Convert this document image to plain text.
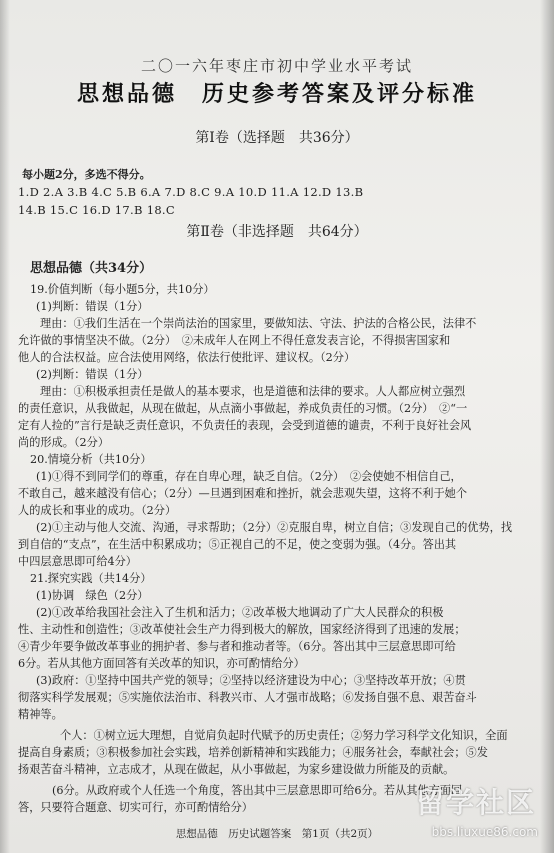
二〇一六年枣庄市初中学业水平考试
思想品德　历史参考答案及评分标准
第Ⅰ卷（选择题　共36分）
每小题2分，多选不得分。
1.D 2.A 3.B 4.C 5.B 6.A 7.D 8.C 9.A 10.D 11.A 12.D 13.B
14.B 15.C 16.D 17.B 18.C
第Ⅱ卷（非选择题　共64分）
思想品德（共34分）
19.价值判断（每小题5分，共10分）
(1)判断：错误（1分）
理由：①我们生活在一个崇尚法治的国家里，要做知法、守法、护法的合格公民，法律不
允许做的事情坚决不做。（2分）　②未成年人在网上不得任意发表言论，不得损害国家和
他人的合法权益。应合法使用网络，依法行使批评、建议权。（2分）
(2)判断：错误（1分）
理由：①积极承担责任是做人的基本要求，也是道德和法律的要求。人人都应树立强烈
的责任意识，从我做起，从现在做起，从点滴小事做起，养成负责任的习惯。（2分）　②“一
定有人捡的”言行是缺乏责任意识，不负责任的表现，会受到道德的谴责，不利于良好社会风
尚的形成。（2分）
20.情境分析（共10分）
(1)①得不到同学们的尊重，存在自卑心理，缺乏自信。（2分）　②会使她不相信自己，
不敢自己，越来越没有信心；（2分）—旦遇到困难和挫折，就会悲观失望，这将不利于她个
人的成长和事业的成功。（2分）
(2)①主动与他人交流、沟通，寻求帮助；（2分）②克服自卑，树立自信；③发现自己的优势，找
到自信的“支点”，在生活中积累成功；⑤正视自己的不足，使之变弱为强。（4分。答出其
中四层意思即可给4分）
21.探究实践（共14分）
(1)协调　绿色（2分）
(2)①改革给我国社会注入了生机和活力；②改革极大地调动了广大人民群众的积极
性、主动性和创造性；③改革使社会生产力得到极大的解放，国家经济得到了迅速的发展；
④青少年要争做改革事业的拥护者、参与者和推动者等。（6分。答出其中三层意思即可给
6分。若从其他方面回答有关改革的知识，亦可酌情给分）
(3)政府：①坚持中国共产党的领导；②坚持以经济建设为中心；③坚持改革开放；④贯
彻落实科学发展观；⑤实施依法治市、科教兴市、人才强市战略；⑥发扬自强不息、艰苦奋斗
精神等。
个人：①树立远大理想，自觉肩负起时代赋予的历史责任；②努力学习科学文化知识，全面
提高自身素质；③积极参加社会实践，培养创新精神和实践能力；④服务社会，奉献社会；⑤发
扬艰苦奋斗精神，立志成才，从现在做起，从小事做起，为家乡建设做力所能及的贡献。
(6分。从政府或个人任选一个角度，答出其中三层意思即可给6分。若从其他方面回
答，只要符合题意、切实可行，亦可酌情给分）
思想品德　历史试题答案　第1页（共2页）
留学社区
bbs.liuxue86.com
